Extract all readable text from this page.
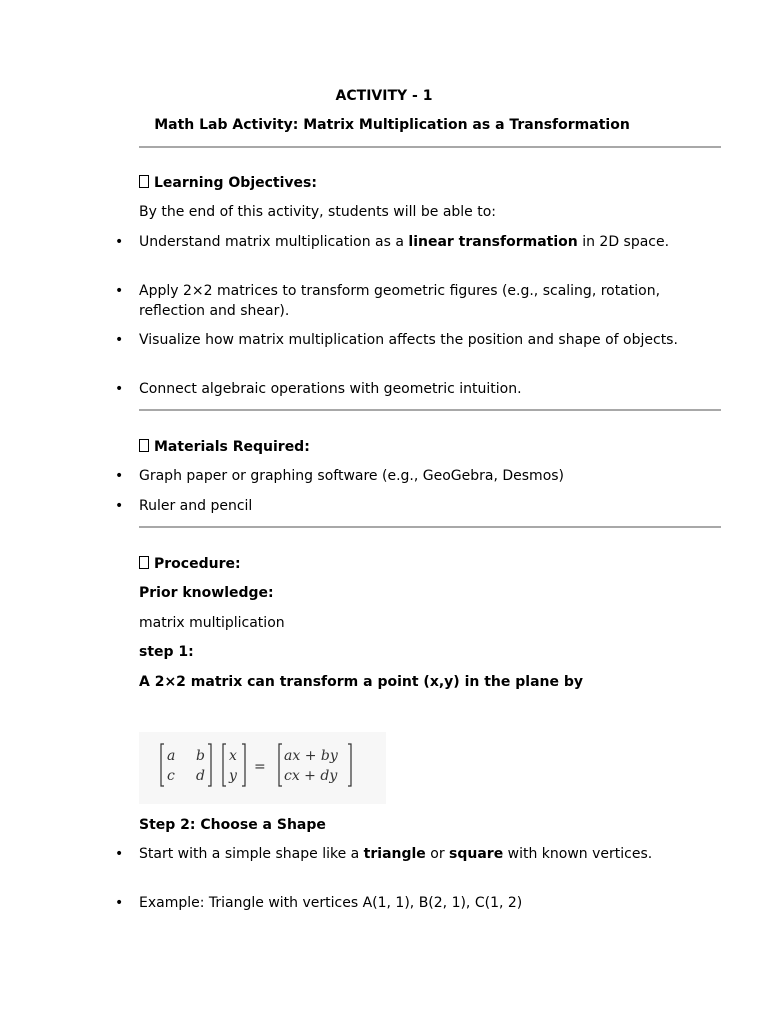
ACTIVITY - 1
Math Lab Activity: Matrix Multiplication as a Transformation
Learning Objectives:
By the end of this activity, students will be able to:
• Understand matrix multiplication as a linear transformation in 2D space.
• Apply 2×2 matrices to transform geometric figures (e.g., scaling, rotation, reflection and shear).
• Visualize how matrix multiplication affects the position and shape of objects.
• Connect algebraic operations with geometric intuition.
Materials Required:
• Graph paper or graphing software (e.g., GeoGebra, Desmos)
• Ruler and pencil
Procedure:
Prior knowledge:
matrix multiplication
step 1:
A 2×2 matrix can transform a point (x,y) in the plane by
a b
c d
x
y
=
ax + by
cx + dy
Step 2: Choose a Shape
• Start with a simple shape like a triangle or square with known vertices.
• Example: Triangle with vertices A(1, 1), B(2, 1), C(1, 2)
